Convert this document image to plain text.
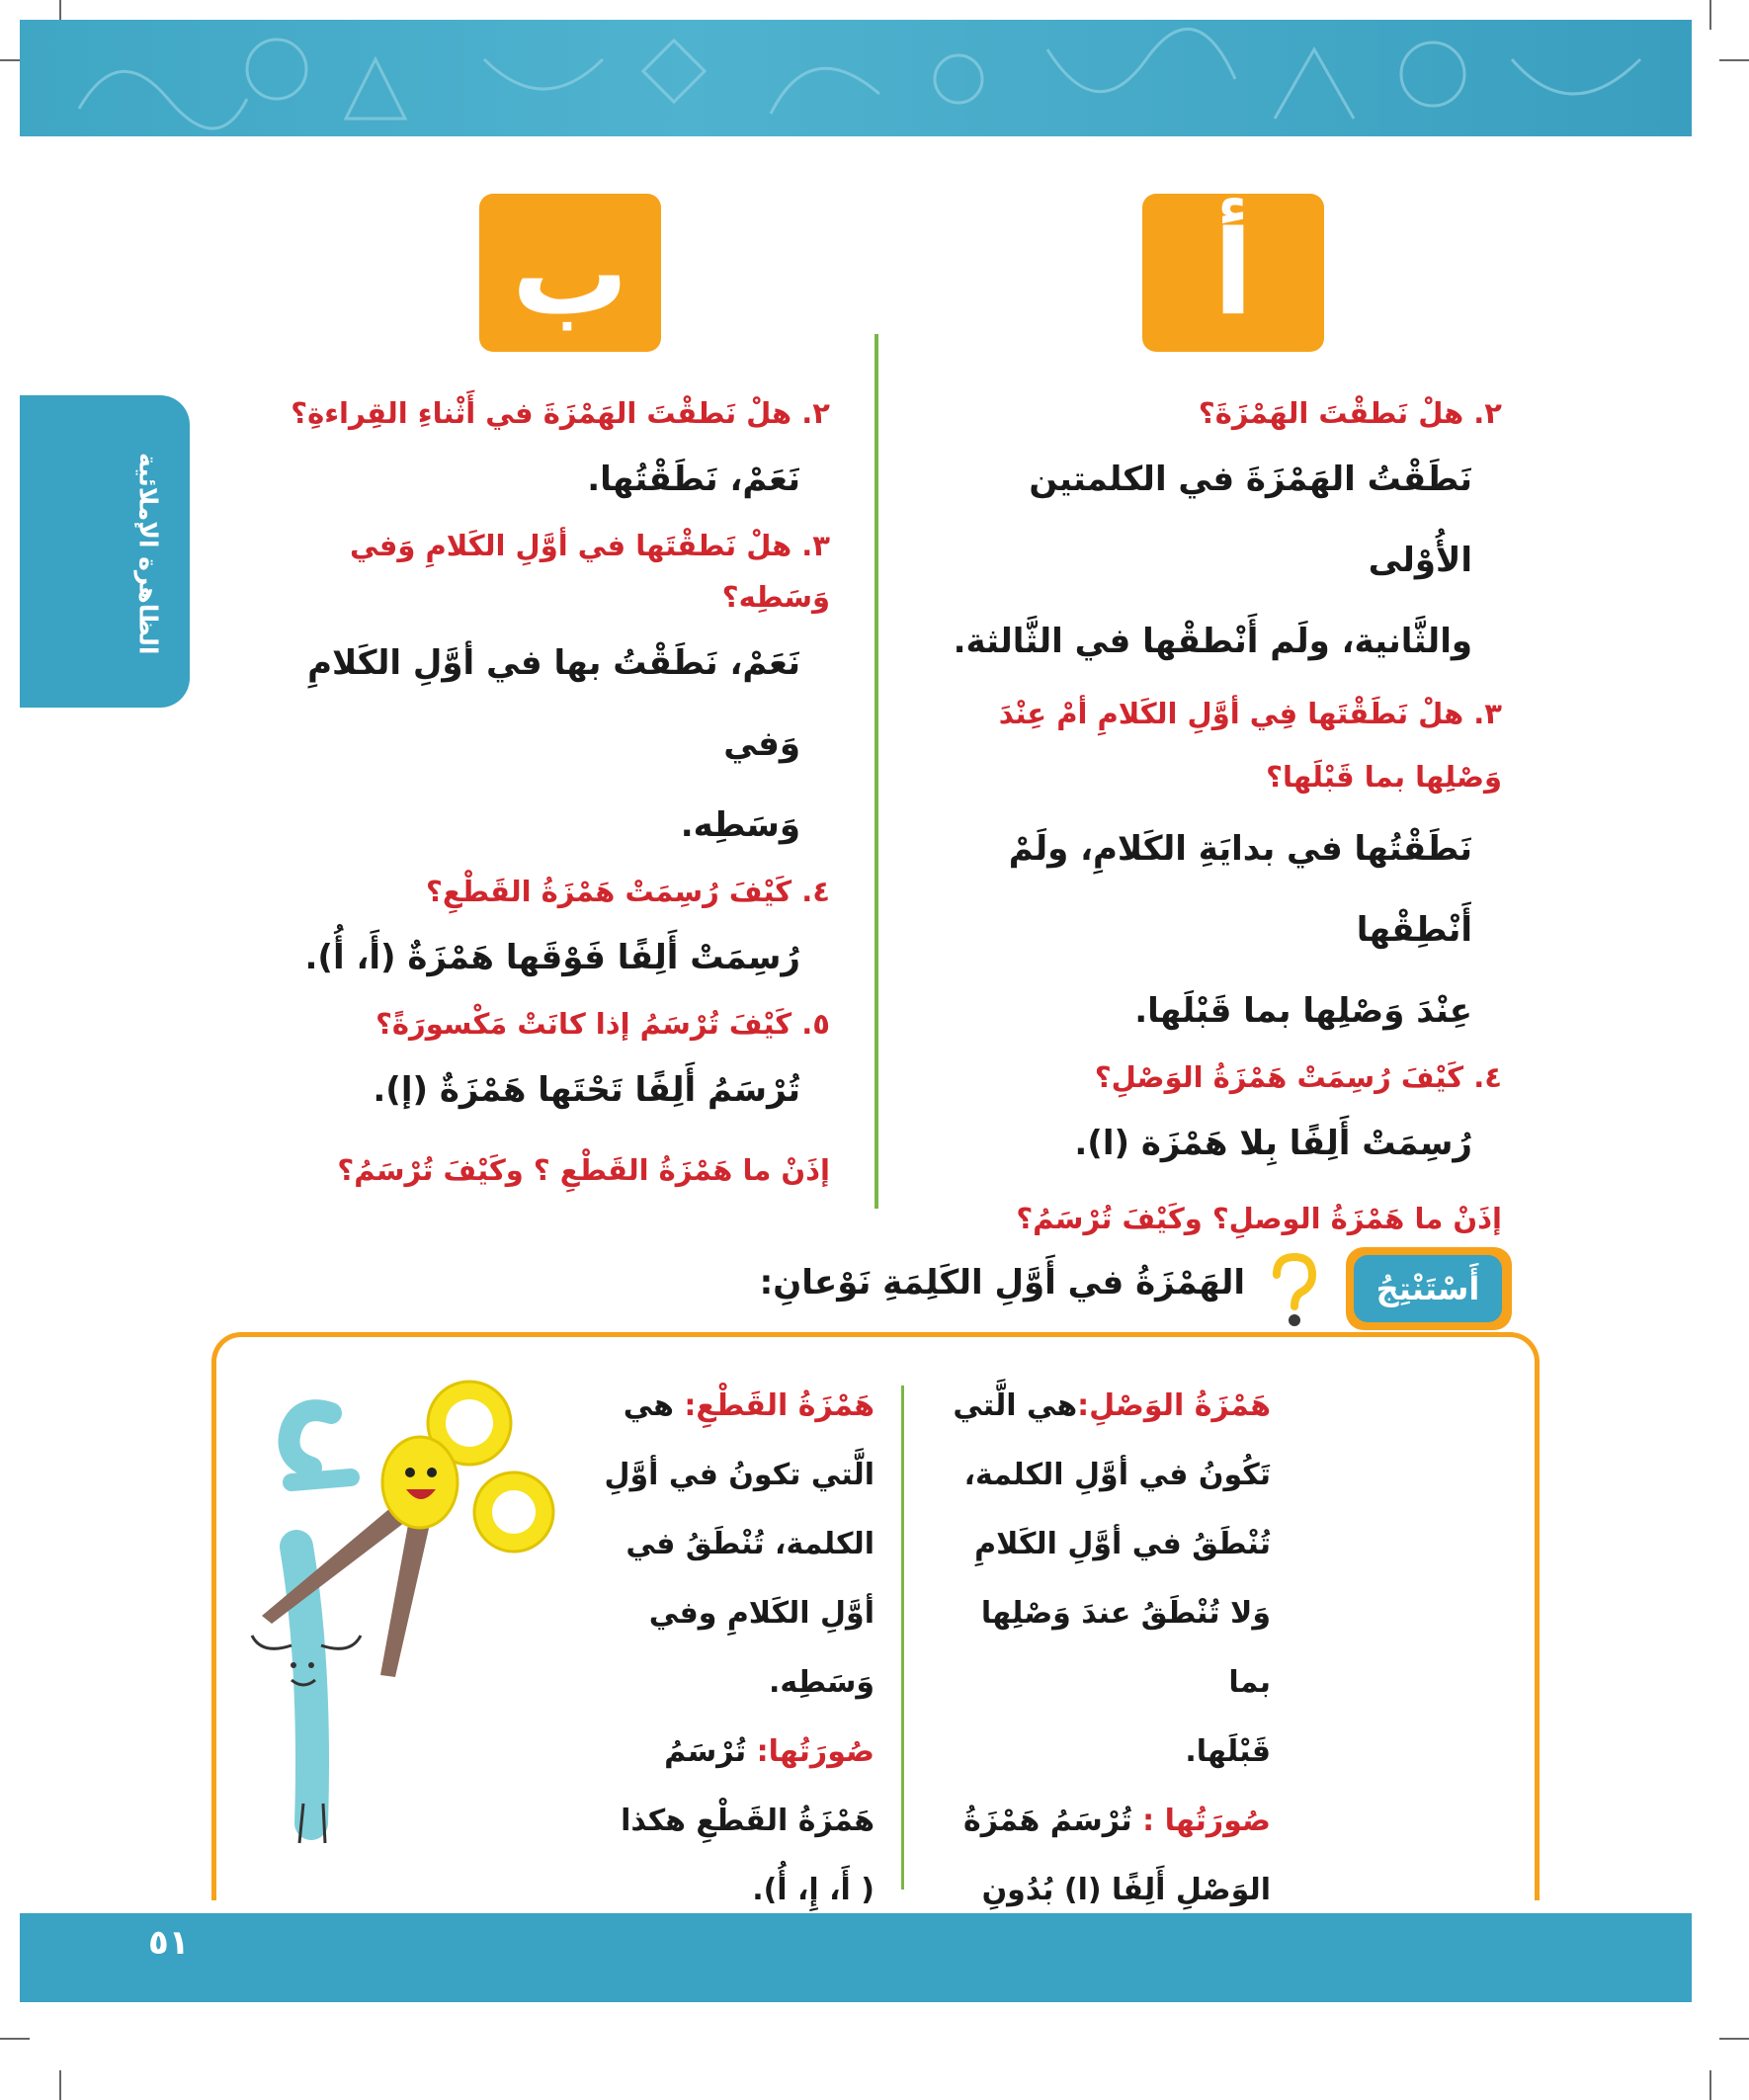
أ
ب
الظاهرة الإملائية
٢. هلْ نَطقْتَ الهَمْزَةَ؟
نَطَقْتُ الهَمْزَةَ في الكلمتين الأُوْلى
والثَّانية، ولَم أَنْطقْها في الثَّالثة.
٣. هلْ نَطَقْتَها فِي أوَّلِ الكَلامِ أمْ عِنْدَ وَصْلِها بما قَبْلَها؟
نَطَقْتُها في بدايَةِ الكَلامِ، ولَمْ أَنْطِقْها
عِنْدَ وَصْلِها بما قَبْلَها.
٤. كَيْفَ رُسِمَتْ هَمْزَةُ الوَصْلِ؟
رُسِمَتْ أَلِفًا بِلا هَمْزَة (ا).
إذَنْ ما هَمْزَةُ الوصلِ؟ وكَيْفَ تُرْسَمُ؟
٢. هلْ نَطقْتَ الهَمْزَةَ في أَثْناءِ القِراءةِ؟
نَعَمْ، نَطَقْتُها.
٣. هلْ نَطقْتَها في أوَّلِ الكَلامِ وَفي وَسَطِه؟
نَعَمْ، نَطَقْتُ بها في أوَّلِ الكَلامِ وَفي
وَسَطِه.
٤. كَيْفَ رُسِمَتْ هَمْزَةُ القَطْعِ؟
رُسِمَتْ أَلِفًا فَوْقَها هَمْزَةٌ (أَ، أُ).
٥. كَيْفَ تُرْسَمُ إذا كانَتْ مَكْسورَةً؟
تُرْسَمُ أَلِفًا تَحْتَها هَمْزَةٌ (إ).
إذَنْ ما هَمْزَةُ القَطْعِ ؟ وكَيْفَ تُرْسَمُ؟
أَسْتَنْتِجُ
الهَمْزَةُ في أَوَّلِ الكَلِمَةِ نَوْعانِ:
هَمْزَةُ الوَصْلِ:هي الَّتي
تَكُونُ في أوَّلِ الكلمة،
تُنْطَقُ في أوَّلِ الكَلامِ
وَلا تُنْطَقُ عندَ وَصْلِها بما
قَبْلَها.
صُورَتُها : تُرْسَمُ هَمْزَةُ
الوَصْلِ أَلِفًا (ا) بُدُونِ
هَمْزَةُ القَطْعِ: هي
الَّتي تكونُ في أوَّلِ
الكلمة، تُنْطَقُ في
أوَّلِ الكَلامِ وفي
وَسَطِه.
صُورَتُها: تُرْسَمُ
هَمْزَةُ القَطْعِ هكذا
( أَ، إِ، أُ).
٥١
